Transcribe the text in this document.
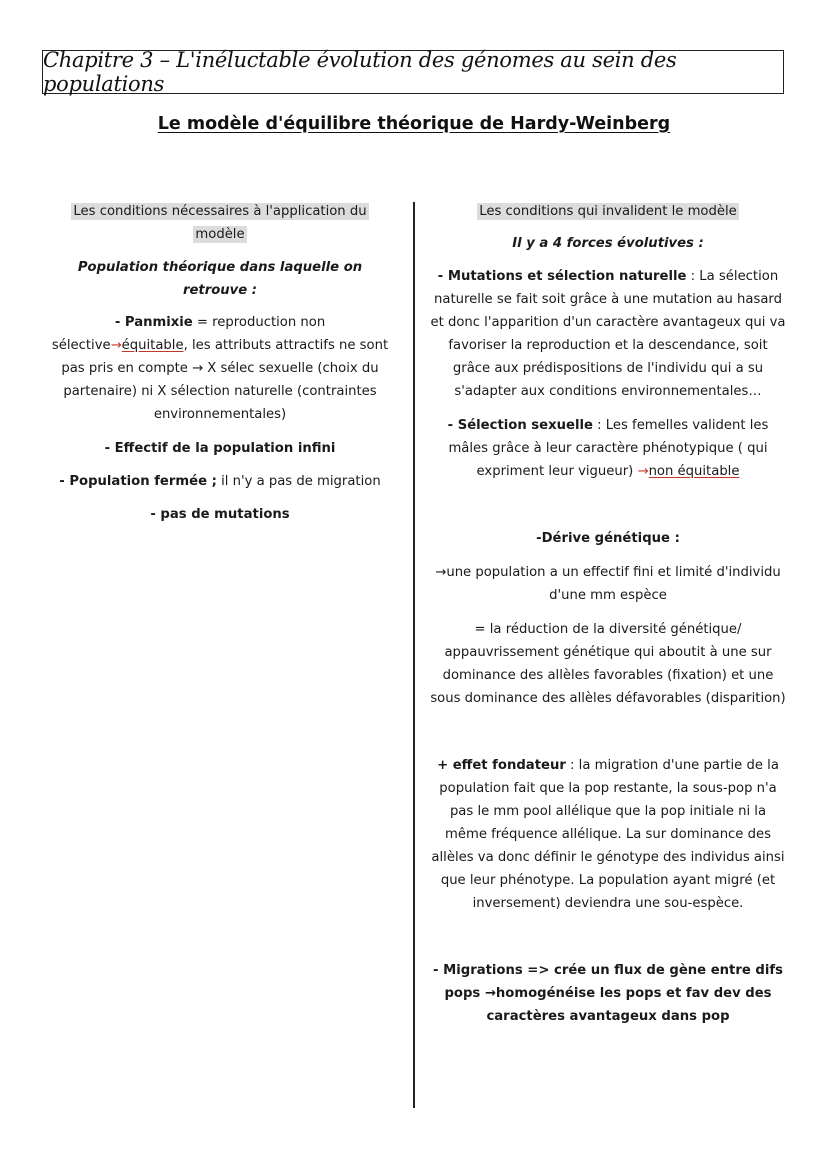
Chapitre 3 – L'inéluctable évolution des génomes au sein des populations
Le modèle d'équilibre théorique de Hardy-Weinberg

Les conditions nécessaires à l'application du
modèle

Population théorique dans laquelle on retrouve :

- Panmixie = reproduction non
sélective→équitable, les attributs attractifs ne sont pas pris en compte → X sélec sexuelle (choix du partenaire) ni X sélection naturelle (contraintes environnementales)

- Effectif de la population infini

- Population fermée ; il n'y a pas de migration

- pas de mutations

Les conditions qui invalident le modèle

Il y a 4 forces évolutives :

- Mutations et sélection naturelle : La sélection naturelle se fait soit grâce à une mutation au hasard et donc l'apparition d'un caractère avantageux qui va favoriser la reproduction et la descendance, soit grâce aux prédispositions de l'individu qui a su s'adapter aux conditions environnementales…

- Sélection sexuelle : Les femelles valident les mâles grâce à leur caractère phénotypique ( qui expriment leur vigueur) →non équitable

-Dérive génétique :

→une population a un effectif fini et limité d'individu d'une mm espèce

= la réduction de la diversité génétique/ appauvrissement génétique qui aboutit à une sur dominance des allèles favorables (fixation) et une sous dominance des allèles défavorables (disparition)

+ effet fondateur : la migration d'une partie de la population fait que la pop restante, la sous-pop n'a pas le mm pool allélique que la pop initiale ni la même fréquence allélique. La sur dominance des allèles va donc définir le génotype des individus ainsi que leur phénotype. La population ayant migré (et inversement) deviendra une sou-espèce.

- Migrations => crée un flux de gène entre difs pops →homogénéise les pops et fav dev des caractères avantageux dans pop
